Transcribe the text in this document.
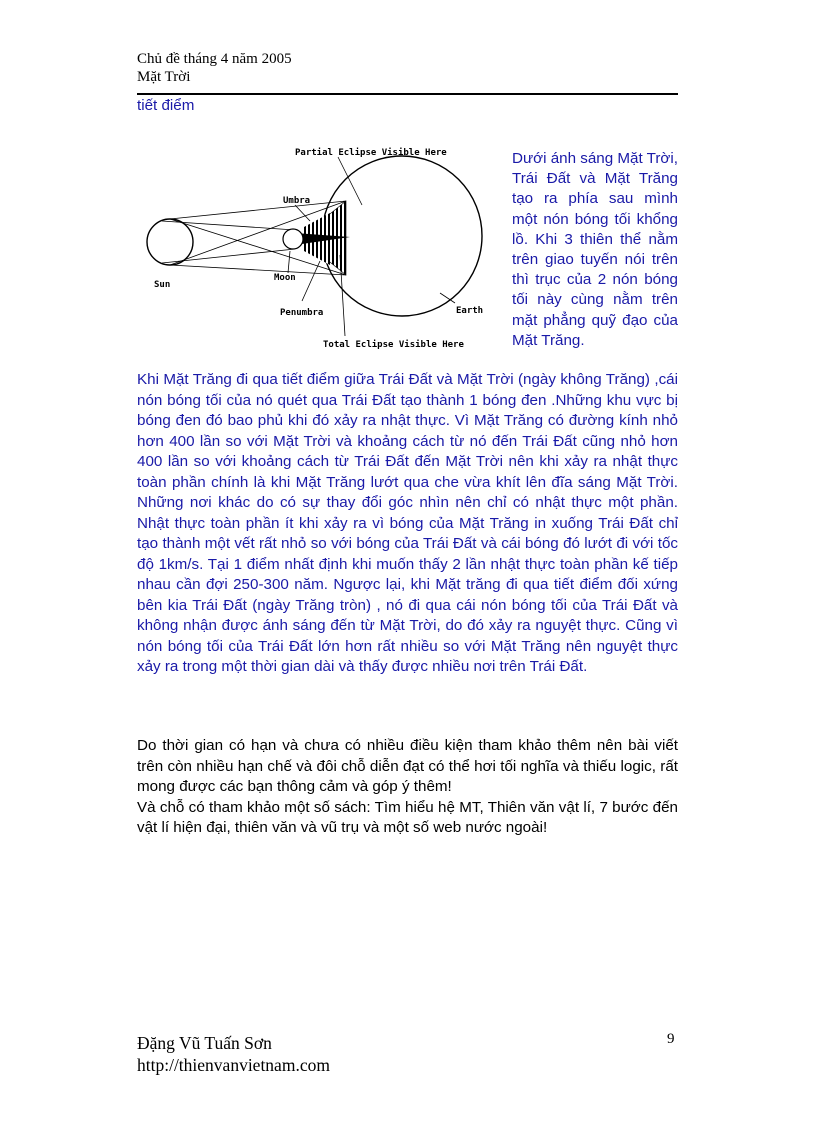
Chủ đề tháng 4 năm 2005
Mặt Trời
tiết điểm
Partial Eclipse Visible Here
Umbra
Moon
Sun
Penumbra	Earth
Total Eclipse Visible Here
Dưới ánh sáng Mặt Trời, Trái Đất và Mặt Trăng tạo ra phía sau mình một nón bóng tối khổng lồ. Khi 3 thiên thể nằm trên giao tuyến nói trên thì trục của 2 nón bóng tối này cùng nằm trên mặt phẳng quỹ đạo của
Mặt Trăng.

Khi Mặt Trăng đi qua tiết điểm giữa Trái Đất và Mặt Trời (ngày không Trăng) ,cái nón bóng tối của nó quét qua Trái Đất tạo thành 1 bóng đen .Những khu vực bị bóng đen đó bao phủ khi đó xảy ra nhật thực. Vì Mặt Trăng có đường kính nhỏ hơn 400 lần so với Mặt Trời và khoảng cách từ nó đến Trái Đất cũng nhỏ hơn 400 lần so với khoảng cách từ Trái Đất đến Mặt Trời nên khi xảy ra nhật thực toàn phần chính là khi Mặt Trăng lướt qua che vừa khít lên đĩa sáng Mặt Trời. Những nơi khác do có sự thay đổi góc nhìn nên chỉ có nhật thực một phần. Nhật thực toàn phần ít khi xảy ra vì bóng của Mặt Trăng in xuống Trái Đất chỉ tạo thành một vết rất nhỏ so với bóng của Trái Đất và cái bóng đó lướt đi với tốc độ 1km/s. Tại 1 điểm nhất định khi muốn thấy 2 lần nhật thực toàn phần kế tiếp nhau cần đợi 250-300 năm. Ngược lại, khi Mặt trăng đi qua tiết điểm đối xứng bên kia Trái Đất (ngày Trăng tròn) , nó đi qua cái nón bóng tối của Trái Đất và không nhận được ánh sáng đến từ Mặt Trời, do đó xảy ra nguyệt thực. Cũng vì nón bóng tối của Trái Đất lớn hơn rất nhiều so với Mặt Trăng nên nguyệt thực xảy ra trong một thời gian dài và thấy được nhiều nơi trên Trái Đất.

Do thời gian có hạn và chưa có nhiều điều kiện tham khảo thêm nên bài viết trên còn nhiều hạn chế và đôi chỗ diễn đạt có thể hơi tối nghĩa và thiếu logic, rất mong được các bạn thông cảm và góp ý thêm!

Và chỗ có tham khảo một số sách: Tìm hiểu hệ MT, Thiên văn vật lí, 7 bước đến vật lí hiện đại, thiên văn và vũ trụ và một số web nước ngoài!

Đặng Vũ Tuấn Sơn
http://thienvanvietnam.com
9
